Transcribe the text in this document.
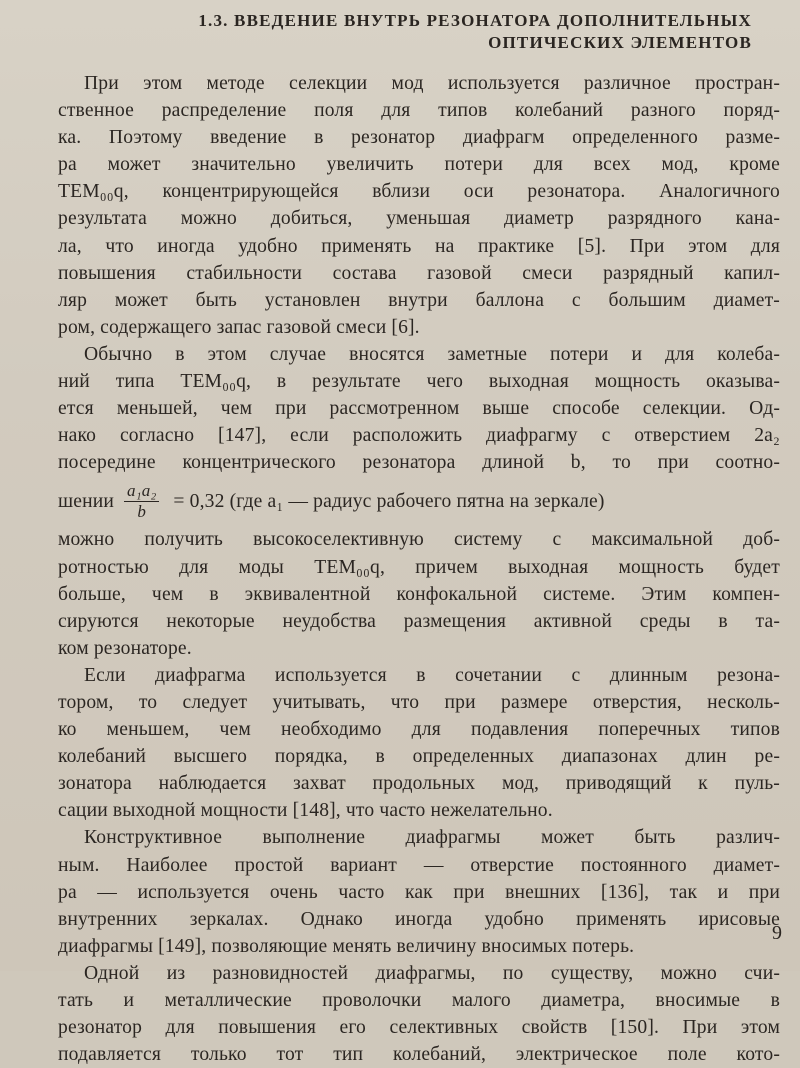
1.3. ВВЕДЕНИЕ ВНУТРЬ РЕЗОНАТОРА ДОПОЛНИТЕЛЬНЫХ
ОПТИЧЕСКИХ ЭЛЕМЕНТОВ
При этом методе селекции мод используется различное простран-
ственное распределение поля для типов колебаний разного поряд-
ка. Поэтому введение в резонатор диафрагм определенного разме-
ра может значительно увеличить потери для всех мод, кроме
TEM₀₀q, концентрирующейся вблизи оси резонатора. Аналогичного
результата можно добиться, уменьшая диаметр разрядного кана-
ла, что иногда удобно применять на практике [5]. При этом для
повышения стабильности состава газовой смеси разрядный капил-
ляр может быть установлен внутри баллона с большим диамет-
ром, содержащего запас газовой смеси [6].
Обычно в этом случае вносятся заметные потери и для колеба-
ний типа TEM₀₀q, в результате чего выходная мощность оказыва-
ется меньшей, чем при рассмотренном выше способе селекции. Од-
нако согласно [147], если расположить диафрагму с отверстием 2a₂
посередине концентрического резонатора длиной b, то при соотно-
шении $\frac{\text{a₁a₂}}{b} = 0,32$ (где a₁ — радиус рабочего пятна на зеркале)
можно получить высокоселективную систему с максимальной доб-
ротностью для моды TEM₀₀q, причем выходная мощность будет
больше, чем в эквивалентной конфокальной системе. Этим компен-
сируются некоторые неудобства размещения активной среды в та-
ком резонаторе.
Если диафрагма используется в сочетании с длинным резона-
тором, то следует учитывать, что при размере отверстия, несколь-
ко меньшем, чем необходимо для подавления поперечных типов
колебаний высшего порядка, в определенных диапазонах длин ре-
зонатора наблюдается захват продольных мод, приводящий к пуль-
сации выходной мощности [148], что часто нежелательно.
Конструктивное выполнение диафрагмы может быть различ-
ным. Наиболее простой вариант — отверстие постоянного диамет-
ра — используется очень часто как при внешних [136], так и при
внутренних зеркалах. Однако иногда удобно применять ирисовые
диафрагмы [149], позволяющие менять величину вносимых потерь.
Одной из разновидностей диафрагмы, по существу, можно счи-
тать и металлические проволочки малого диаметра, вносимые в
резонатор для повышения его селективных свойств [150]. При этом
подавляется только тот тип колебаний, электрическое поле кото-
9
